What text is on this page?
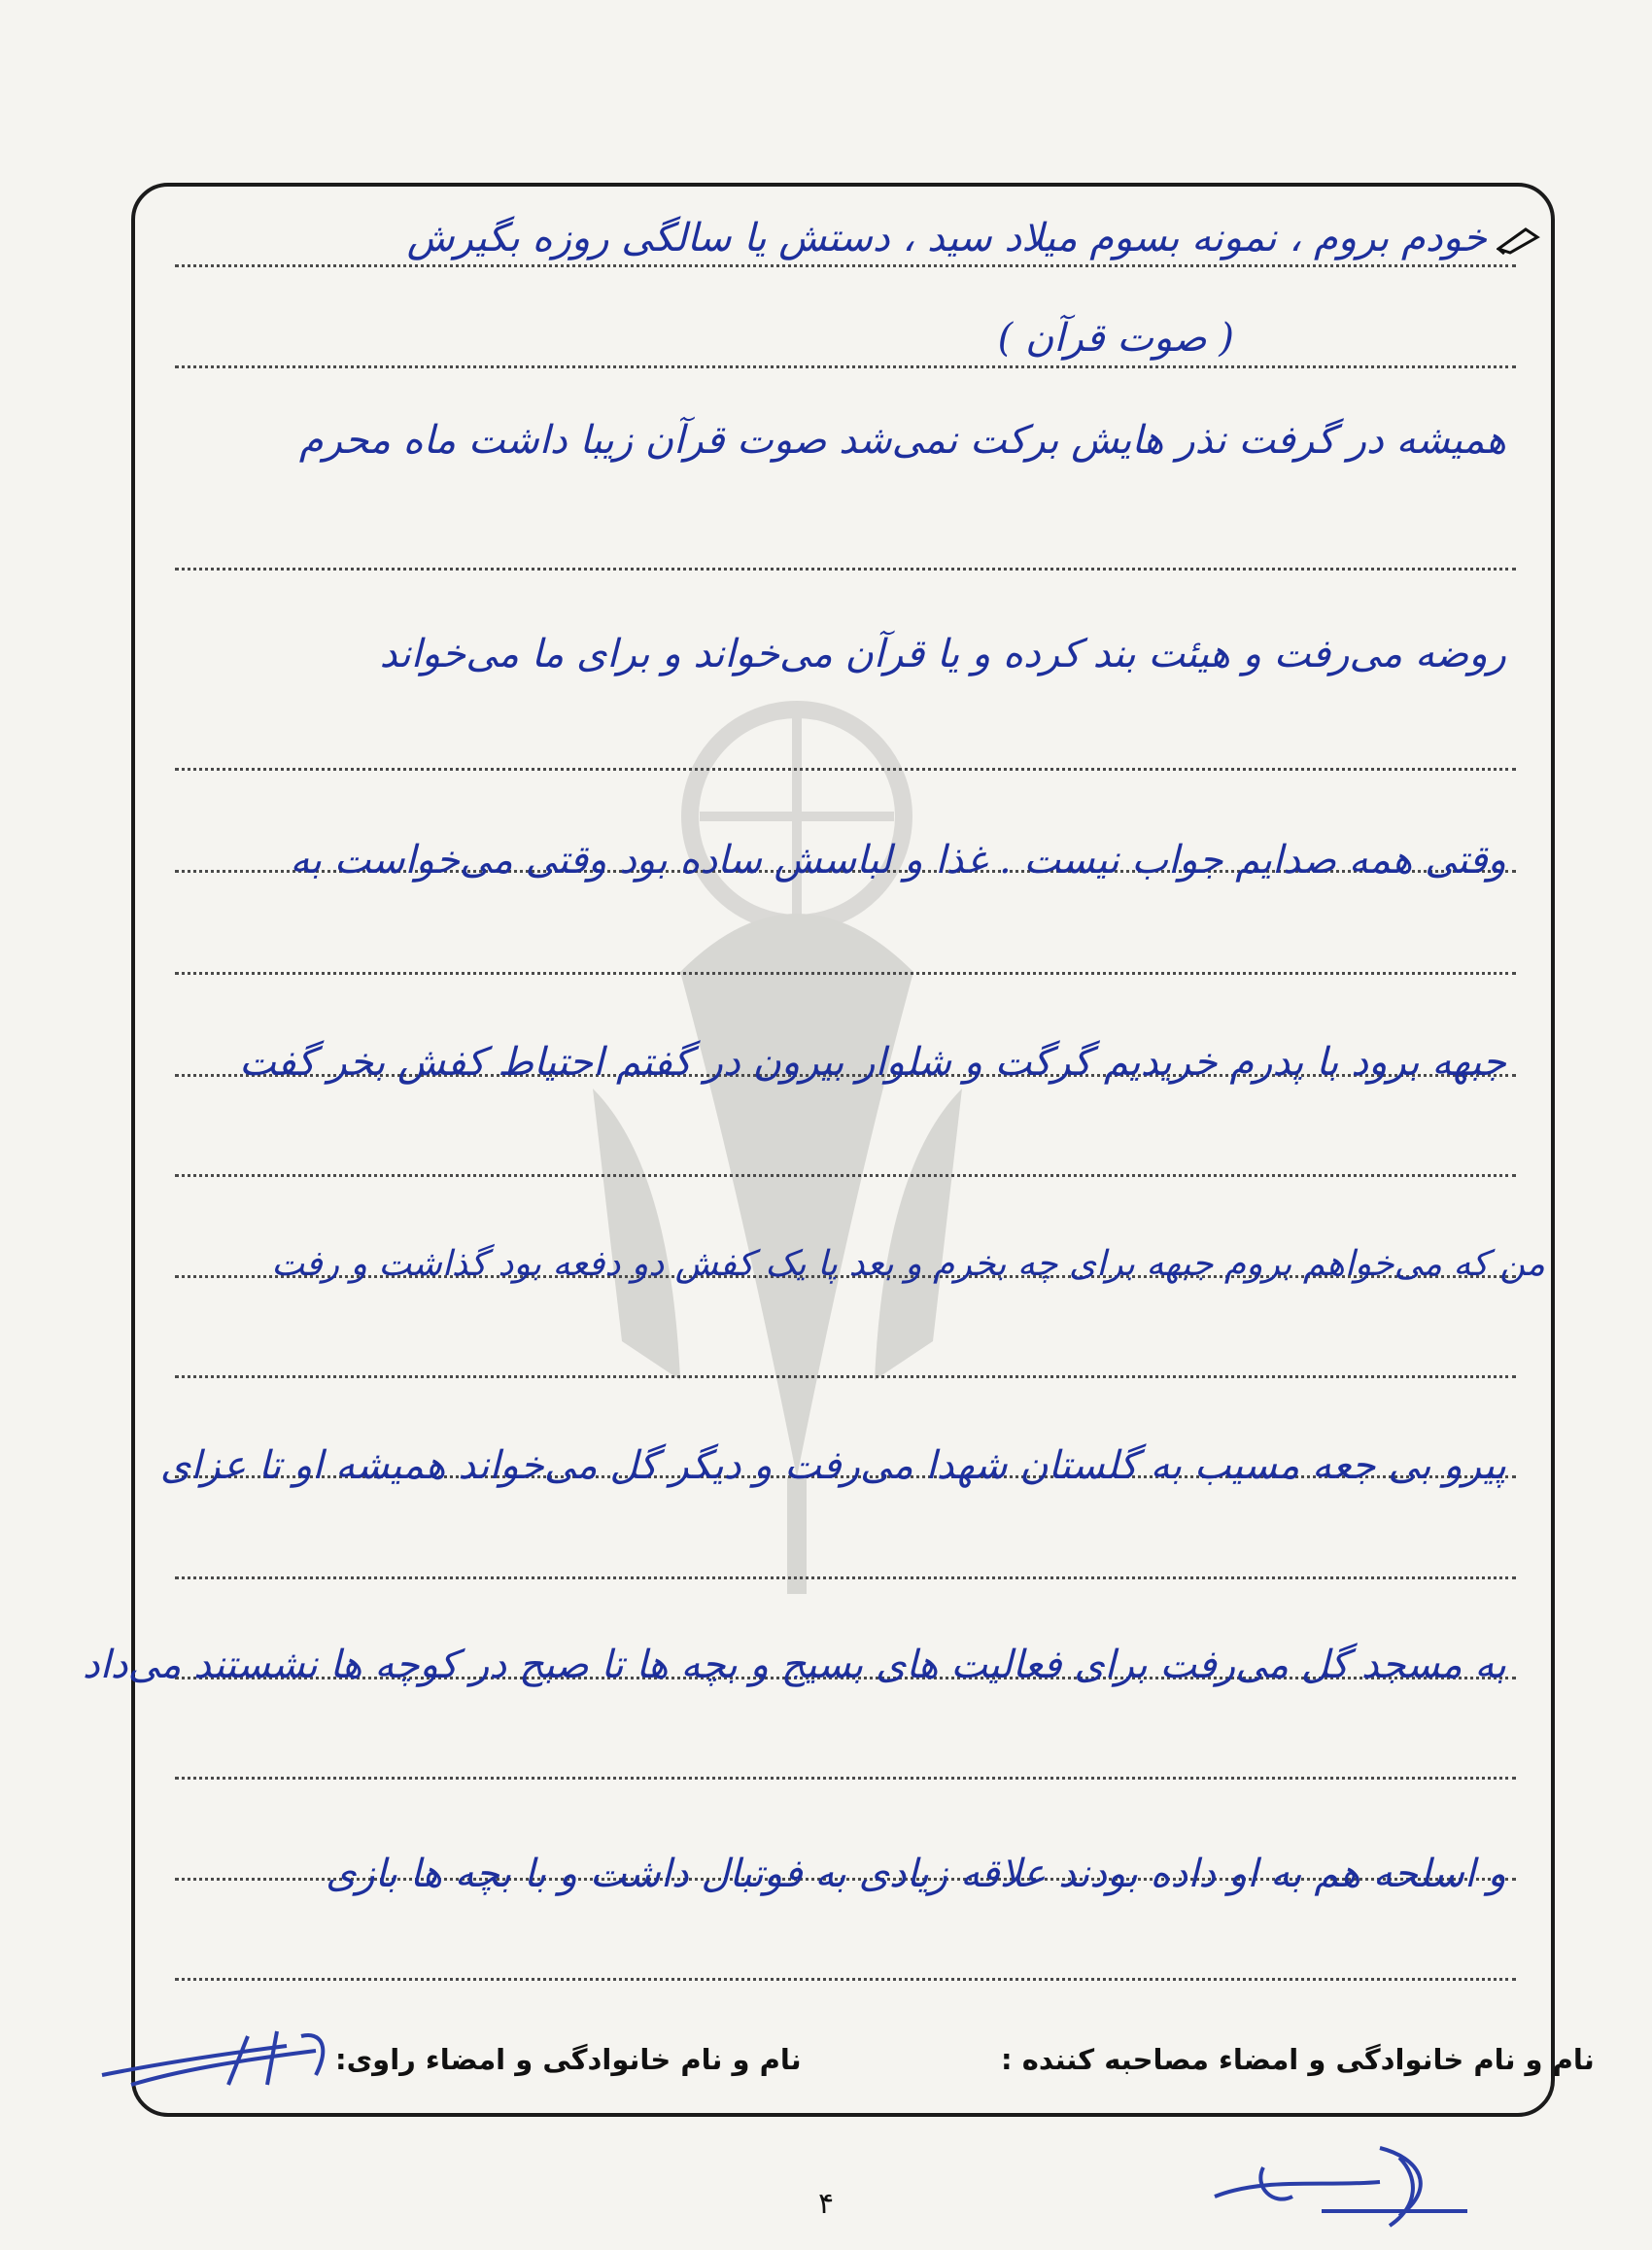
خودم بروم ، نمونه بسوم میلاد سید ، دستش یا سالگی روزه بگیرش
( صوت قرآن )
همیشه در گرفت نذر هایش برکت نمی‌شد صوت قرآن زیبا داشت ماه محرم
روضه می‌رفت و هیئت بند کرده و یا قرآن می‌خواند و برای ما می‌خواند
وقتی همه صدایم جواب نیست . غذا و لباسش ساده بود وقتی می‌خواست به
جبهه برود با پدرم خریدیم گرگت و شلوار بیرون در گفتم احتیاط کفش بخر گفت
من که می‌خواهم بروم جبهه برای چه بخرم و بعد پا یک کفش دو دفعه بود گذاشت و رفت
پیرو بی جعه مسیب به گلستان شهدا می‌رفت و دیگر گل می‌خواند همیشه او تا عزای
به مسجد گل می‌رفت برای فعالیت های بسیج و بچه ها تا صبح در کوچه ها نشستند می‌داد
و اسلحه هم به او داده بودند علاقه زیادی به فوتبال داشت و با بچه ها بازی
نام و نام خانوادگی و امضاء مصاحبه کننده :
نام و نام خانوادگی و امضاء راوی:
۴
